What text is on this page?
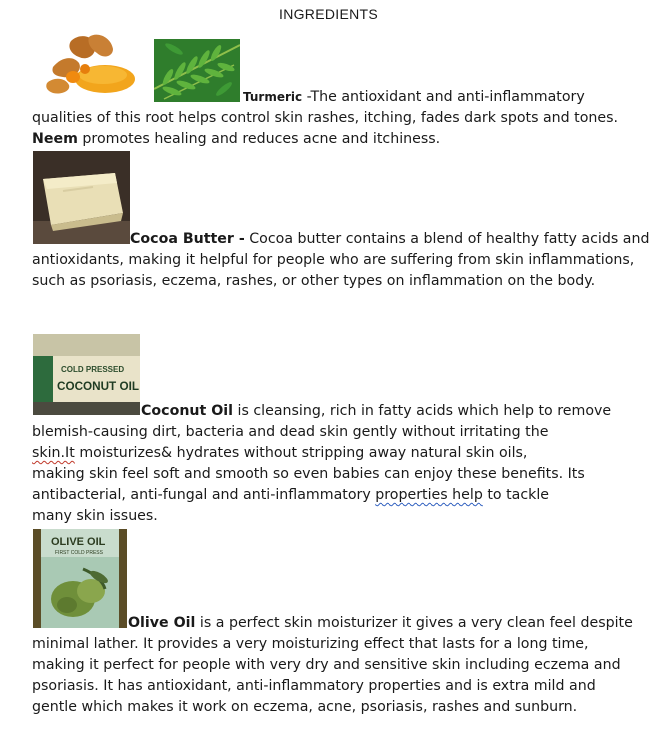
INGREDIENTS

Turmeric -The antioxidant and anti-inflammatory

qualities of this root helps control skin rashes, itching, fades dark spots and tones.

Neem promotes healing and reduces acne and itchiness.

Cocoa Butter - Cocoa butter contains a blend of healthy fatty acids and

antioxidants, making it helpful for people who are suffering from skin inflammations,

such as psoriasis, eczema, rashes, or other types on inflammation on the body.

COLD PRESSED
COCONUT OIL

Coconut Oil is cleansing, rich in fatty acids which help to remove

blemish-causing dirt, bacteria and dead skin gently without irritating the

skin.It moisturizes& hydrates without stripping away natural skin oils,

making skin feel soft and smooth so even babies can enjoy these benefits. Its

antibacterial, anti-fungal and anti-inflammatory properties help to tackle

many skin issues.

OLIVE OIL
FIRST COLD PRESS

Olive Oil is a perfect skin moisturizer it gives a very clean feel despite

minimal lather. It provides a very moisturizing effect that lasts for a long time,

making it perfect for people with very dry and sensitive skin including eczema and

psoriasis. It has antioxidant, anti-inflammatory properties and is extra mild and

gentle which makes it work on eczema, acne, psoriasis, rashes and sunburn.
